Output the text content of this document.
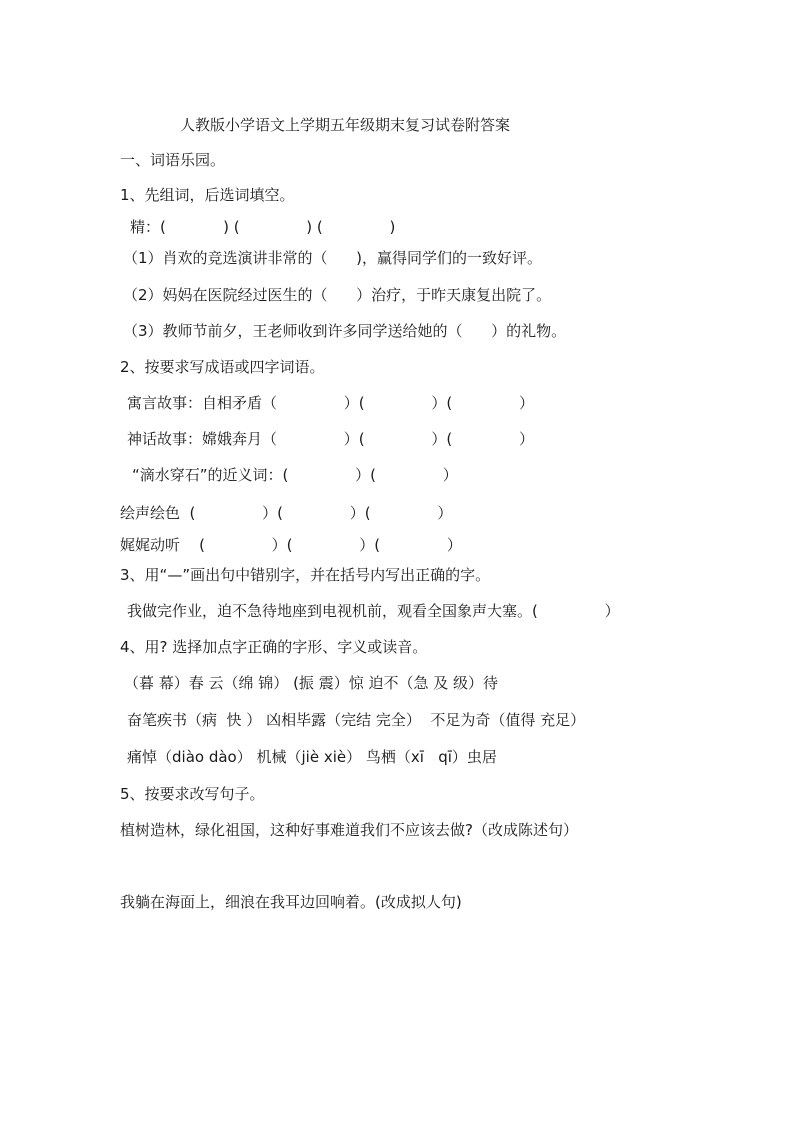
人教版小学语文上学期五年级期末复习试卷附答案
一、词语乐园。
1、先组词，后选词填空。
精：(            ) (              ) (              )
（1）肖欢的竞选演讲非常的（      )，赢得同学们的一致好评。
（2）妈妈在医院经过医生的（      ）治疗，于昨天康复出院了。
（3）教师节前夕，王老师收到许多同学送给她的（      ）的礼物。
2、按要求写成语或四字词语。
寓言故事：自相矛盾（              ）(              ）(              ）
神话故事：嫦娥奔月（              ）(              ）(              ）
“滴水穿石”的近义词：(              ）(              ）
绘声绘色  (              ）(              ）(              ）
娓娓动听    (              ）(              ）(              ）
3、用“—”画出句中错别字，并在括号内写出正确的字。
我做完作业，迫不急待地座到电视机前，观看全国象声大塞。(              ）
4、用? 选择加点字正确的字形、字义或读音。
（暮 幕）春 云（绵 锦） (振 震）惊 迫不（急 及 级）待
奋笔疾书（病  快 ） 凶相毕露（完结 完全）  不足为奇（值得 充足）
痛悼（diào dào） 机械（jiè xiè） 鸟栖（xī   qī）虫居
5、按要求改写句子。
植树造林，绿化祖国，这种好事难道我们不应该去做?（改成陈述句）
我躺在海面上，细浪在我耳边回响着。(改成拟人句)
